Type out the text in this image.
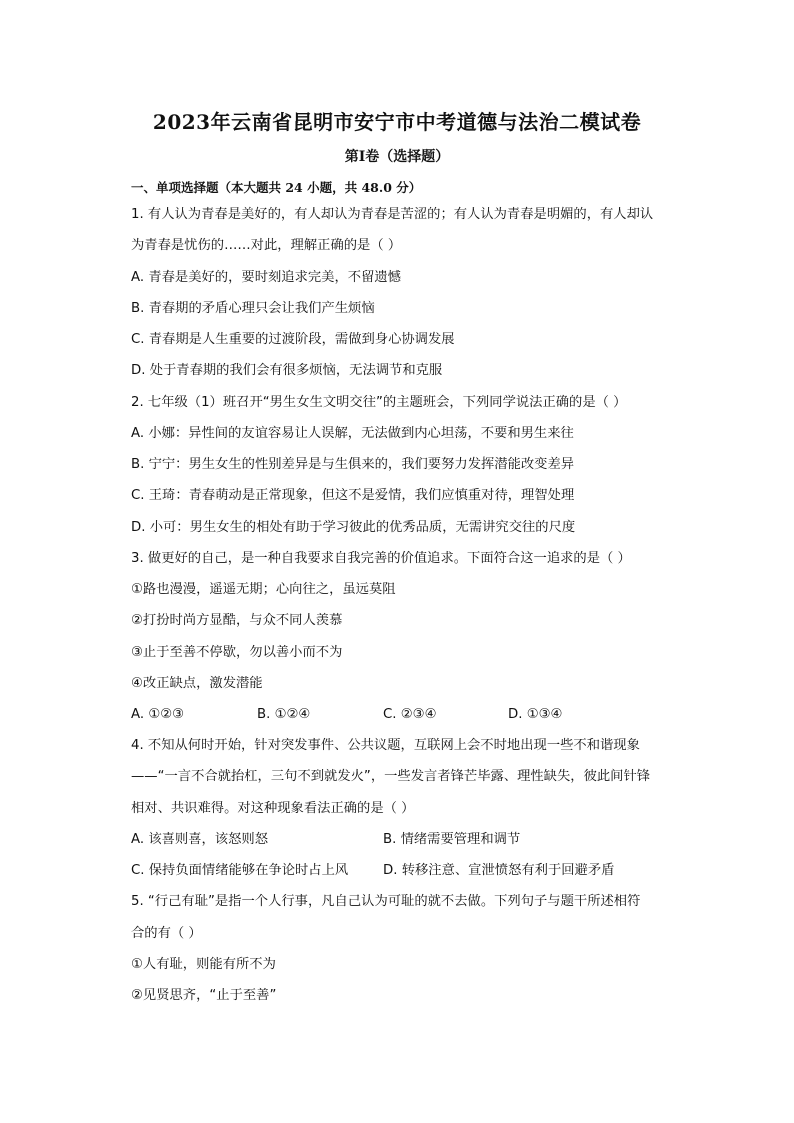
2023年云南省昆明市安宁市中考道德与法治二模试卷
第I卷（选择题）
一、单项选择题（本大题共 24 小题，共 48.0 分）
1. 有人认为青春是美好的，有人却认为青春是苦涩的；有人认为青春是明媚的，有人却认
为青春是忧伤的……对此，理解正确的是（ ）
A. 青春是美好的，要时刻追求完美，不留遗憾
B. 青春期的矛盾心理只会让我们产生烦恼
C. 青春期是人生重要的过渡阶段，需做到身心协调发展
D. 处于青春期的我们会有很多烦恼，无法调节和克服
2. 七年级（1）班召开“男生女生文明交往”的主题班会，下列同学说法正确的是（ ）
A. 小娜：异性间的友谊容易让人误解，无法做到内心坦荡，不要和男生来往
B. 宁宁：男生女生的性别差异是与生俱来的，我们要努力发挥潜能改变差异
C. 王琦：青春萌动是正常现象，但这不是爱情，我们应慎重对待，理智处理
D. 小可：男生女生的相处有助于学习彼此的优秀品质，无需讲究交往的尺度
3. 做更好的自己，是一种自我要求自我完善的价值追求。下面符合这一追求的是（ ）
①路也漫漫，遥遥无期；心向往之，虽远莫阻
②打扮时尚方显酷，与众不同人羡慕
③止于至善不停歇，勿以善小而不为
④改正缺点，激发潜能
A. ①②③	B. ①②④	C. ②③④	D. ①③④
4. 不知从何时开始，针对突发事件、公共议题，互联网上会不时地出现一些不和谐现象
——“一言不合就抬杠，三句不到就发火”，一些发言者锋芒毕露、理性缺失，彼此间针锋
相对、共识难得。对这种现象看法正确的是（ ）
A. 该喜则喜，该怒则怒	B. 情绪需要管理和调节
C. 保持负面情绪能够在争论时占上风	D. 转移注意、宣泄愤怒有利于回避矛盾
5. “行己有耻”是指一个人行事，凡自己认为可耻的就不去做。下列句子与题干所述相符
合的有（ ）
①人有耻，则能有所不为
②见贤思齐，“止于至善”
